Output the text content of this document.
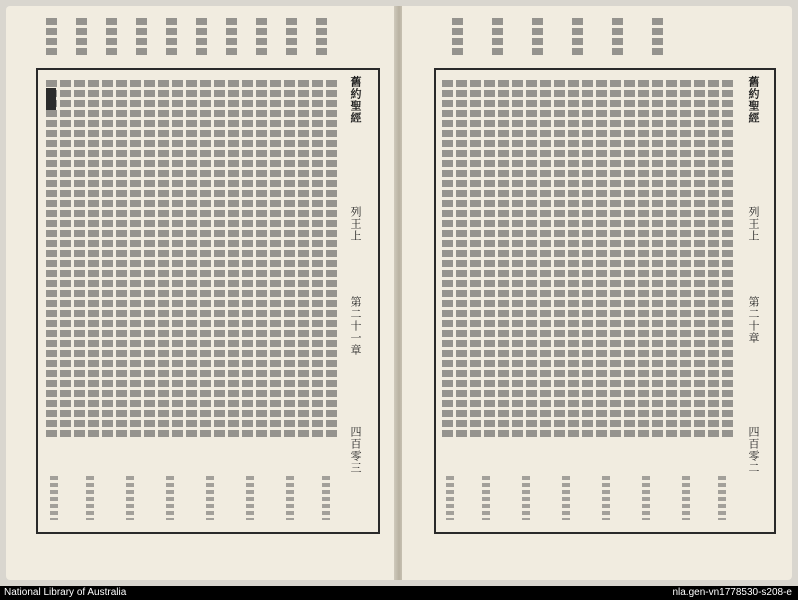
舊約聖經
列王上
第二十一章
四百零三
舊約聖經
列王上
第二十章
四百零二
National Library of Australia	nla.gen-vn1778530-s208-e
